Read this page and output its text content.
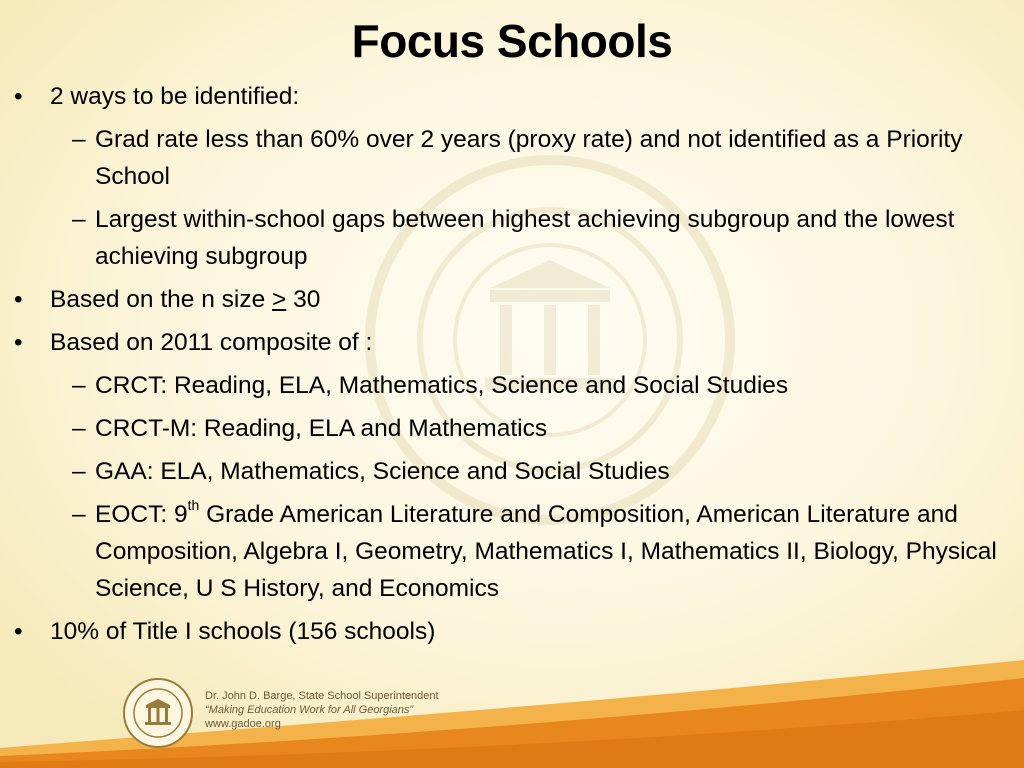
Focus Schools
• 2 ways to be identified:
– Grad rate less than 60% over 2 years (proxy rate) and not identified as a Priority School
– Largest within-school gaps between highest achieving subgroup and the lowest achieving subgroup
• Based on the n size ≥ 30
• Based on 2011 composite of :
– CRCT: Reading, ELA, Mathematics, Science and Social Studies
– CRCT-M: Reading, ELA and Mathematics
– GAA: ELA, Mathematics, Science and Social Studies
– EOCT: 9th Grade American Literature and Composition, American Literature and Composition, Algebra I, Geometry, Mathematics I, Mathematics II, Biology, Physical Science, U S History, and Economics
• 10% of Title I schools (156 schools)
Dr. John D. Barge, State School Superintendent
“Making Education Work for All Georgians”
www.gadoe.org
